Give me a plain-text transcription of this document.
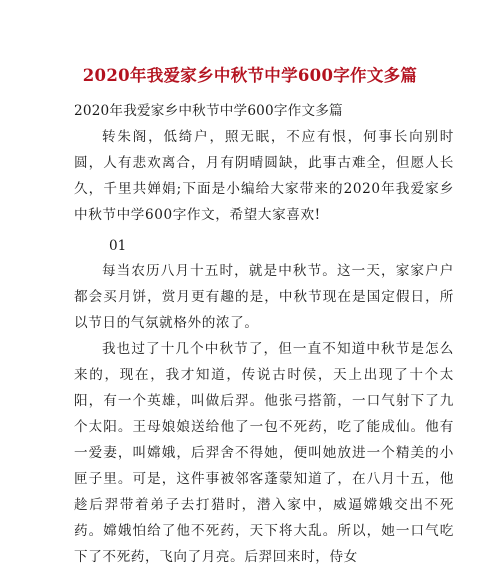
2020年我爱家乡中秋节中学600字作文多篇
2020年我爱家乡中秋节中学600字作文多篇

转朱阁，低绮户，照无眠，不应有恨，何事长向别时圆，人有悲欢离合，月有阴晴圆缺，此事古难全，但愿人长久，千里共婵娟;下面是小编给大家带来的2020年我爱家乡中秋节中学600字作文，希望大家喜欢!

01

每当农历八月十五时，就是中秋节。这一天，家家户户都会买月饼，赏月更有趣的是，中秋节现在是国定假日，所以节日的气氛就格外的浓了。

我也过了十几个中秋节了，但一直不知道中秋节是怎么来的，现在，我才知道，传说古时侯，天上出现了十个太阳，有一个英雄，叫做后羿。他张弓搭箭，一口气射下了九个太阳。王母娘娘送给他了一包不死药，吃了能成仙。他有一爱妻，叫嫦娥，后羿舍不得她，便叫她放进一个精美的小匣子里。可是，这件事被邻客蓬蒙知道了，在八月十五，他趁后羿带着弟子去打猎时，潜入家中，威逼嫦娥交出不死药。嫦娥怕给了他不死药，天下将大乱。所以，她一口气吃下了不死药，飞向了月亮。后羿回来时，侍女
